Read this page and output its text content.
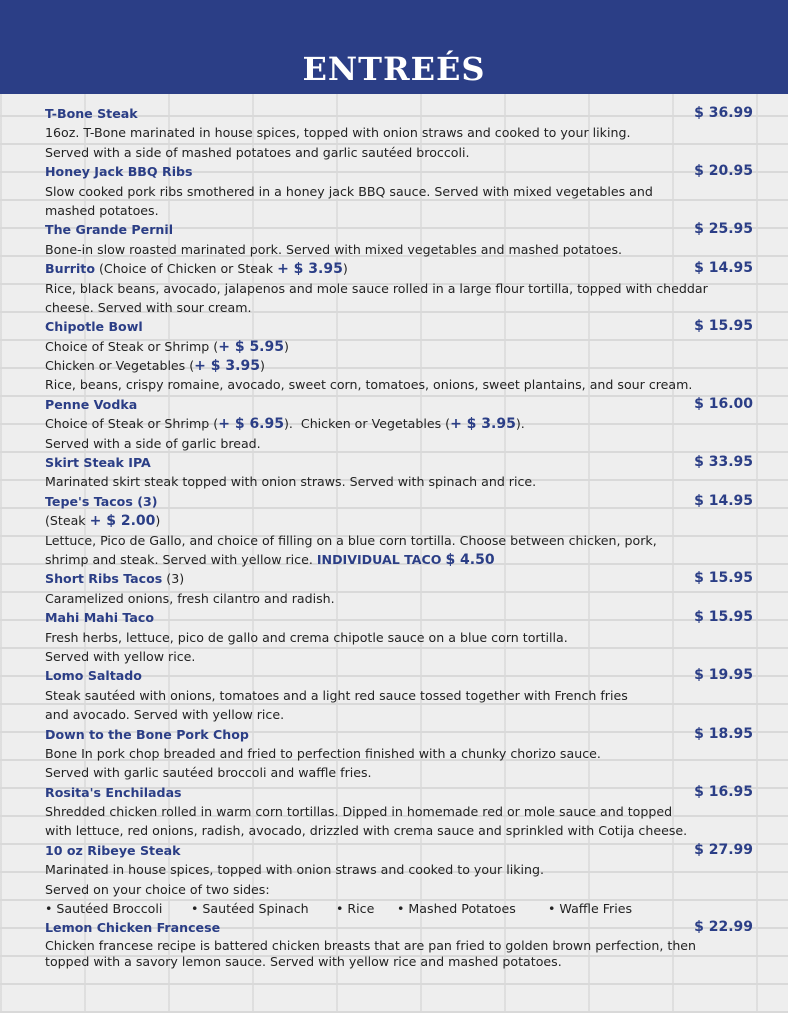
ENTREÉS
$ 36.99
T-Bone Steak
16oz. T-Bone marinated in house spices, topped with onion straws and cooked to your liking.
Served with a side of mashed potatoes and garlic sautéed broccoli.
$ 20.95
Honey Jack BBQ Ribs
Slow cooked pork ribs smothered in a honey jack BBQ sauce. Served with mixed vegetables and
mashed potatoes.
$ 25.95
The Grande Pernil
Bone-in slow roasted marinated pork. Served with mixed vegetables and mashed potatoes.
$ 14.95
Burrito (Choice of Chicken or Steak + $ 3.95)
Rice, black beans, avocado, jalapenos and mole sauce rolled in a large flour tortilla, topped with cheddar
cheese. Served with sour cream.
$ 15.95
Chipotle Bowl
Choice of Steak or Shrimp (+ $ 5.95)
Chicken or Vegetables (+ $ 3.95)
Rice, beans, crispy romaine, avocado, sweet corn, tomatoes, onions, sweet plantains, and sour cream.
$ 16.00
Penne Vodka
Choice of Steak or Shrimp (+ $ 6.95).  Chicken or Vegetables (+ $ 3.95).
Served with a side of garlic bread.
$ 33.95
Skirt Steak IPA
Marinated skirt steak topped with onion straws. Served with spinach and rice.
$ 14.95
Tepe's Tacos (3)
(Steak + $ 2.00)
Lettuce, Pico de Gallo, and choice of filling on a blue corn tortilla. Choose between chicken, pork,
shrimp and steak. Served with yellow rice. INDIVIDUAL TACO $ 4.50
$ 15.95
Short Ribs Tacos (3)
Caramelized onions, fresh cilantro and radish.
$ 15.95
Mahi Mahi Taco
Fresh herbs, lettuce, pico de gallo and crema chipotle sauce on a blue corn tortilla.
Served with yellow rice.
$ 19.95
Lomo Saltado
Steak sautéed with onions, tomatoes and a light red sauce tossed together with French fries
and avocado. Served with yellow rice.
$ 18.95
Down to the Bone Pork Chop
Bone In pork chop breaded and fried to perfection finished with a chunky chorizo sauce.
Served with garlic sautéed broccoli and waffle fries.
$ 16.95
Rosita's Enchiladas
Shredded chicken rolled in warm corn tortillas. Dipped in homemade red or mole sauce and topped
with lettuce, red onions, radish, avocado, drizzled with crema sauce and sprinkled with Cotija cheese.
$ 27.99
10 oz Ribeye Steak
Marinated in house spices, topped with onion straws and cooked to your liking.
Served on your choice of two sides:
• Sautéed Broccoli • Sautéed Spinach • Rice • Mashed Potatoes	• Waffle Fries
$ 22.99
Lemon Chicken Francese
Chicken francese recipe is battered chicken breasts that are pan fried to golden brown perfection, then
topped with a savory lemon sauce. Served with yellow rice and mashed potatoes.
